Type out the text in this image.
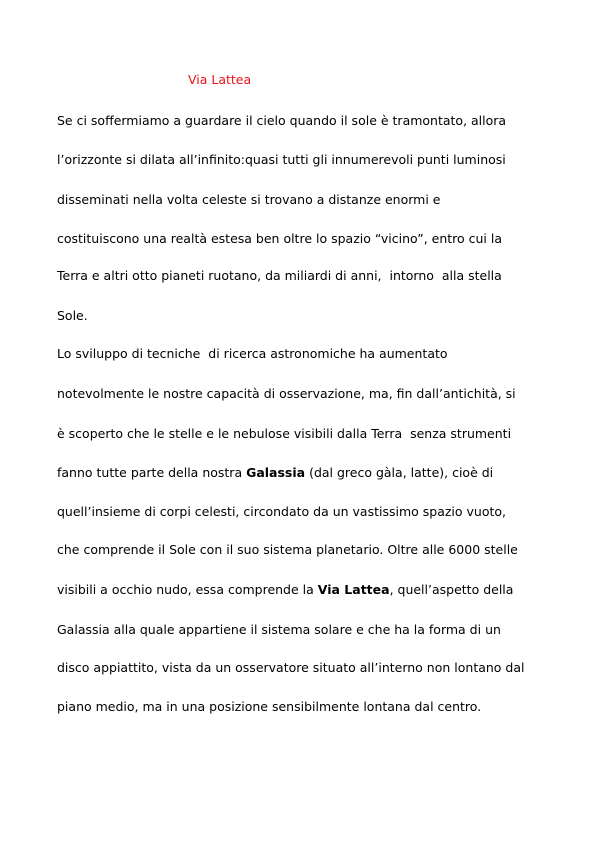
Via Lattea
Se ci soffermiamo a guardare il cielo quando il sole è tramontato, allora
l’orizzonte si dilata all’infinito:quasi tutti gli innumerevoli punti luminosi
disseminati nella volta celeste si trovano a distanze enormi e
costituiscono una realtà estesa ben oltre lo spazio “vicino”, entro cui la
Terra e altri otto pianeti ruotano, da miliardi di anni,  intorno  alla stella
Sole.
Lo sviluppo di tecniche  di ricerca astronomiche ha aumentato
notevolmente le nostre capacità di osservazione, ma, fin dall’antichità, si
è scoperto che le stelle e le nebulose visibili dalla Terra  senza strumenti
fanno tutte parte della nostra Galassia (dal greco gàla, latte), cioè di
quell’insieme di corpi celesti, circondato da un vastissimo spazio vuoto,
che comprende il Sole con il suo sistema planetario. Oltre alle 6000 stelle
visibili a occhio nudo, essa comprende la Via Lattea, quell’aspetto della
Galassia alla quale appartiene il sistema solare e che ha la forma di un
disco appiattito, vista da un osservatore situato all’interno non lontano dal
piano medio, ma in una posizione sensibilmente lontana dal centro.
